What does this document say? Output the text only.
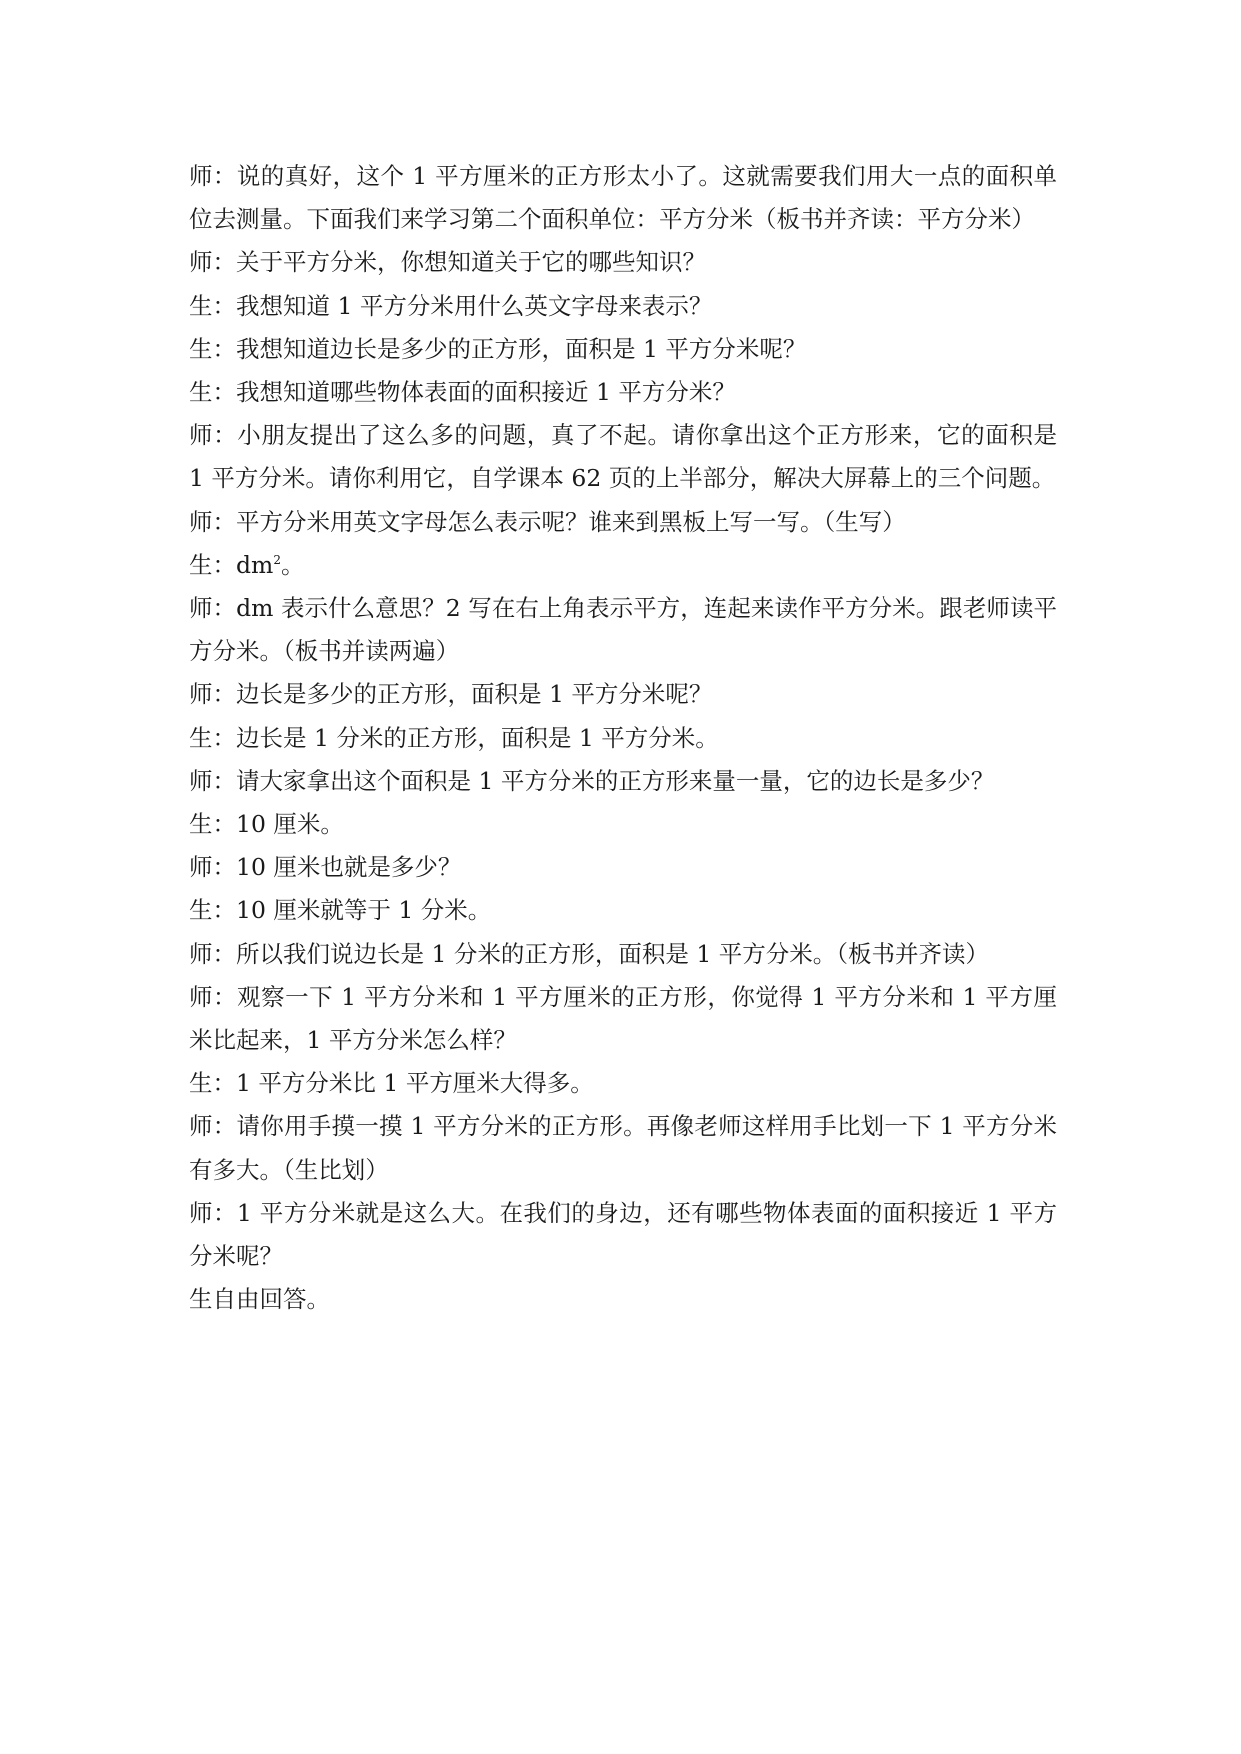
师：说的真好，这个 1 平方厘米的正方形太小了。这就需要我们用大一点的面积单位去测量。下面我们来学习第二个面积单位：平方分米（板书并齐读：平方分米）

师：关于平方分米，你想知道关于它的哪些知识？

生：我想知道 1 平方分米用什么英文字母来表示？

生：我想知道边长是多少的正方形，面积是 1 平方分米呢？

生：我想知道哪些物体表面的面积接近 1 平方分米？

师：小朋友提出了这么多的问题，真了不起。请你拿出这个正方形来，它的面积是 1 平方分米。请你利用它，自学课本 62 页的上半部分，解决大屏幕上的三个问题。

师：平方分米用英文字母怎么表示呢？谁来到黑板上写一写。（生写）

生：$dm^2$。

师：dm 表示什么意思？2 写在右上角表示平方，连起来读作平方分米。跟老师读平方分米。（板书并读两遍）

师：边长是多少的正方形，面积是 1 平方分米呢？

生：边长是 1 分米的正方形，面积是 1 平方分米。

师：请大家拿出这个面积是 1 平方分米的正方形来量一量，它的边长是多少？

生：10 厘米。

师：10 厘米也就是多少？

生：10 厘米就等于 1 分米。

师：所以我们说边长是 1 分米的正方形，面积是 1 平方分米。（板书并齐读）

师：观察一下 1 平方分米和 1 平方厘米的正方形，你觉得 1 平方分米和 1 平方厘米比起来，1 平方分米怎么样？

生：1 平方分米比 1 平方厘米大得多。

师：请你用手摸一摸 1 平方分米的正方形。再像老师这样用手比划一下 1 平方分米有多大。（生比划）

师：1 平方分米就是这么大。在我们的身边，还有哪些物体表面的面积接近 1 平方分米呢？

生自由回答。
